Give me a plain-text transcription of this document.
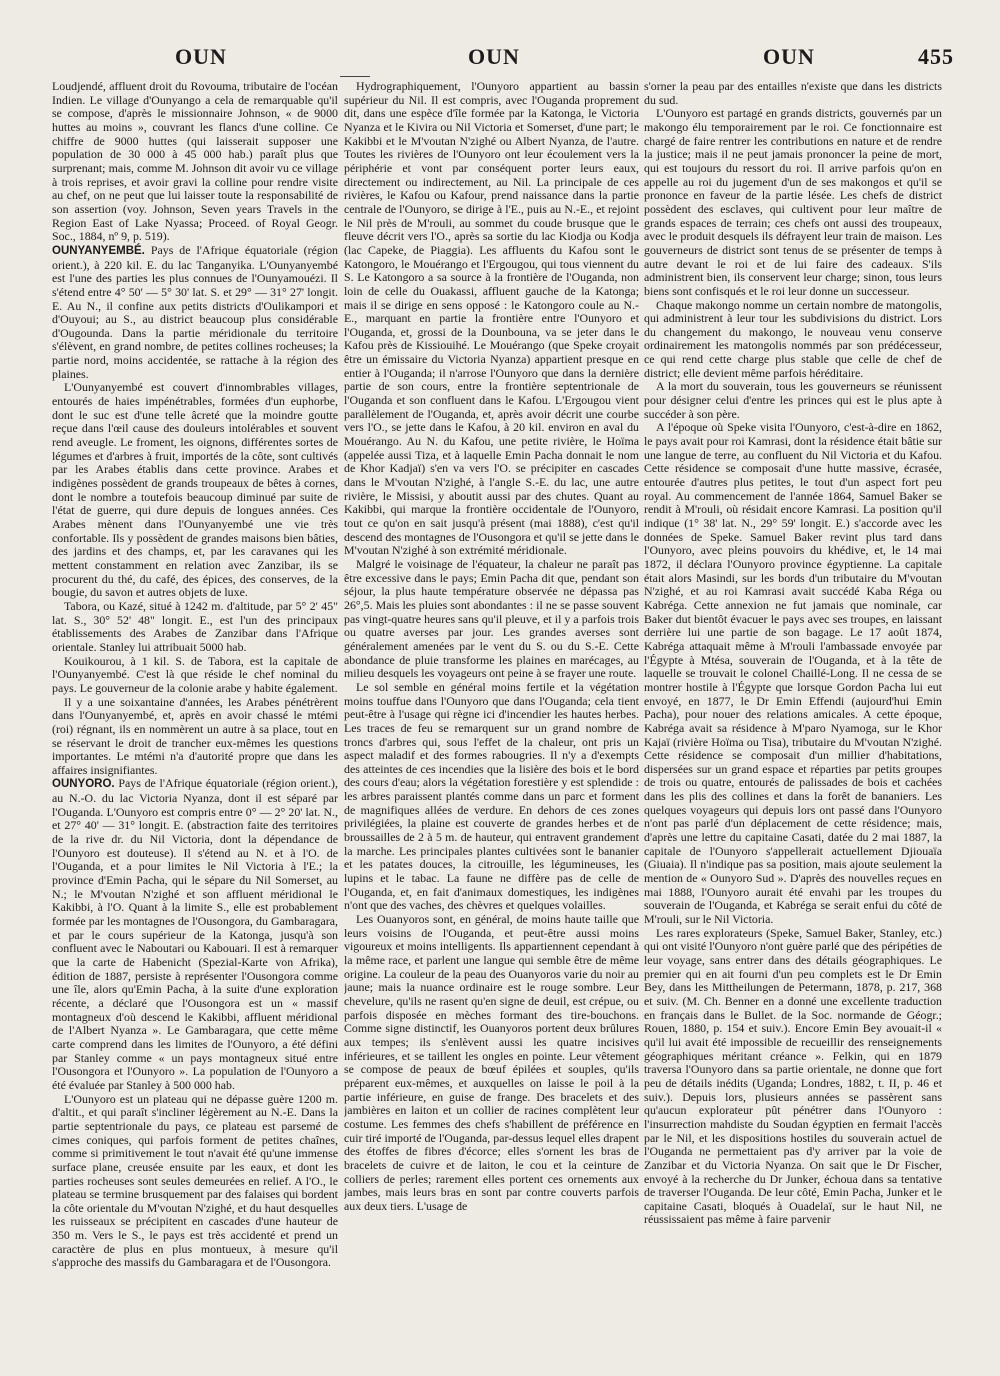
OUN	OUN	OUN	455

Loudjendé, affluent droit du Rovouma, tributaire de l'océan Indien. Le village d'Ounyango a cela de remarquable qu'il se compose, d'après le missionnaire Johnson, « de 9000 huttes au moins », couvrant les flancs d'une colline. Ce chiffre de 9000 huttes (qui laisserait supposer une population de 30 000 à 45 000 hab.) paraît plus que surprenant; mais, comme M. Johnson dit avoir vu ce village à trois reprises, et avoir gravi la colline pour rendre visite au chef, on ne peut que lui laisser toute la responsabilité de son assertion (voy. Johnson, Seven years Travels in the Region East of Lake Nyassa; Proceed. of Royal Geogr. Soc., 1884, nº 9, p. 519).

OUNYANYEMBÉ. Pays de l'Afrique équatoriale (région orient.), à 220 kil. E. du lac Tanganyika. L'Ounyanyembé est l'une des parties les plus connues de l'Ounyamouézi. Il s'étend entre 4° 50' — 5° 30' lat. S. et 29° — 31° 27' longit. E. Au N., il confine aux petits districts d'Oulikampori et d'Ouyoui; au S., au district beaucoup plus considérable d'Ougounda. Dans la partie méridionale du territoire s'élèvent, en grand nombre, de petites collines rocheuses; la partie nord, moins accidentée, se rattache à la région des plaines.

L'Ounyanyembé est couvert d'innombrables villages, entourés de haies impénétrables, formées d'un euphorbe, dont le suc est d'une telle âcreté que la moindre goutte reçue dans l'œil cause des douleurs intolérables et souvent rend aveugle. Le froment, les oignons, différentes sortes de légumes et d'arbres à fruit, importés de la côte, sont cultivés par les Arabes établis dans cette province. Arabes et indigènes possèdent de grands troupeaux de bêtes à cornes, dont le nombre a toutefois beaucoup diminué par suite de l'état de guerre, qui dure depuis de longues années. Ces Arabes mènent dans l'Ounyanyembé une vie très confortable. Ils y possèdent de grandes maisons bien bâties, des jardins et des champs, et, par les caravanes qui les mettent constamment en relation avec Zanzibar, ils se procurent du thé, du café, des épices, des conserves, de la bougie, du savon et autres objets de luxe.

Tabora, ou Kazé, situé à 1242 m. d'altitude, par 5° 2' 45" lat. S., 30° 52' 48" longit. E., est l'un des principaux établissements des Arabes de Zanzibar dans l'Afrique orientale. Stanley lui attribuait 5000 hab.

Kouikourou, à 1 kil. S. de Tabora, est la capitale de l'Ounyanyembé. C'est là que réside le chef nominal du pays. Le gouverneur de la colonie arabe y habite également.

Il y a une soixantaine d'années, les Arabes pénétrèrent dans l'Ounyanyembé, et, après en avoir chassé le mtémi (roi) régnant, ils en nommèrent un autre à sa place, tout en se réservant le droit de trancher eux-mêmes les questions importantes. Le mtémi n'a d'autorité propre que dans les affaires insignifiantes.

OUNYORO. Pays de l'Afrique équatoriale (région orient.), au N.-O. du lac Victoria Nyanza, dont il est séparé par l'Ouganda. L'Ounyoro est compris entre 0° — 2° 20' lat. N., et 27° 40' — 31° longit. E. (abstraction faite des territoires de la rive dr. du Nil Victoria, dont la dépendance de l'Ounyoro est douteuse). Il s'étend au N. et à l'O. de l'Ouganda, et a pour limites le Nil Victoria à l'E.; la province d'Emin Pacha, qui le sépare du Nil Somerset, au N.; le M'voutan N'zighé et son affluent méridional le Kakibbi, à l'O. Quant à la limite S., elle est probablement formée par les montagnes de l'Ousongora, du Gambaragara, et par le cours supérieur de la Katonga, jusqu'à son confluent avec le Naboutari ou Kabouari. Il est à remarquer que la carte de Habenicht (Spezial-Karte von Afrika), édition de 1887, persiste à représenter l'Ousongora comme une île, alors qu'Emin Pacha, à la suite d'une exploration récente, a déclaré que l'Ousongora est un « massif montagneux d'où descend le Kakibbi, affluent méridional de l'Albert Nyanza ». Le Gambaragara, que cette même carte comprend dans les limites de l'Ounyoro, a été défini par Stanley comme « un pays montagneux situé entre l'Ousongora et l'Ounyoro ». La population de l'Ounyoro a été évaluée par Stanley à 500 000 hab.

L'Ounyoro est un plateau qui ne dépasse guère 1200 m. d'altit., et qui paraît s'incliner légèrement au N.-E. Dans la partie septentrionale du pays, ce plateau est parsemé de cimes coniques, qui parfois forment de petites chaînes, comme si primitivement le tout n'avait été qu'une immense surface plane, creusée ensuite par les eaux, et dont les parties rocheuses sont seules demeurées en relief. A l'O., le plateau se termine brusquement par des falaises qui bordent la côte orientale du M'voutan N'zighé, et du haut desquelles les ruisseaux se précipitent en cascades d'une hauteur de 350 m. Vers le S., le pays est très accidenté et prend un caractère de plus en plus montueux, à mesure qu'il s'approche des massifs du Gambaragara et de l'Ousongora.

Hydrographiquement, l'Ounyoro appartient au bassin supérieur du Nil. Il est compris, avec l'Ouganda proprement dit, dans une espèce d'île formée par la Katonga, le Victoria Nyanza et le Kivira ou Nil Victoria et Somerset, d'une part; le Kakibbi et le M'voutan N'zighé ou Albert Nyanza, de l'autre. Toutes les rivières de l'Ounyoro ont leur écoulement vers la périphérie et vont par conséquent porter leurs eaux, directement ou indirectement, au Nil. La principale de ces rivières, le Kafou ou Kafour, prend naissance dans la partie centrale de l'Ounyoro, se dirige à l'E., puis au N.-E., et rejoint le Nil près de M'rouli, au sommet du coude brusque que le fleuve décrit vers l'O., après sa sortie du lac Kiodja ou Kodja (lac Capeke, de Piaggia). Les affluents du Kafou sont le Katongoro, le Mouérango et l'Ergougou, qui tous viennent du S. Le Katongoro a sa source à la frontière de l'Ouganda, non loin de celle du Ouakassi, affluent gauche de la Katonga; mais il se dirige en sens opposé : le Katongoro coule au N.-E., marquant en partie la frontière entre l'Ounyoro et l'Ouganda, et, grossi de la Dounbouna, va se jeter dans le Kafou près de Kissiouihé. Le Mouérango (que Speke croyait être un émissaire du Victoria Nyanza) appartient presque en entier à l'Ouganda; il n'arrose l'Ounyoro que dans la dernière partie de son cours, entre la frontière septentrionale de l'Ouganda et son confluent dans le Kafou. L'Ergougou vient parallèlement de l'Ouganda, et, après avoir décrit une courbe vers l'O., se jette dans le Kafou, à 20 kil. environ en aval du Mouérango. Au N. du Kafou, une petite rivière, le Hoïma (appelée aussi Tiza, et à laquelle Emin Pacha donnait le nom de Khor Kadjaï) s'en va vers l'O. se précipiter en cascades dans le M'voutan N'zighé, à l'angle S.-E. du lac, une autre rivière, le Missisi, y aboutit aussi par des chutes. Quant au Kakibbi, qui marque la frontière occidentale de l'Ounyoro, tout ce qu'on en sait jusqu'à présent (mai 1888), c'est qu'il descend des montagnes de l'Ousongora et qu'il se jette dans le M'voutan N'zighé à son extrémité méridionale.

Malgré le voisinage de l'équateur, la chaleur ne paraît pas être excessive dans le pays; Emin Pacha dit que, pendant son séjour, la plus haute température observée ne dépassa pas 26°,5. Mais les pluies sont abondantes : il ne se passe souvent pas vingt-quatre heures sans qu'il pleuve, et il y a parfois trois ou quatre averses par jour. Les grandes averses sont généralement amenées par le vent du S. ou du S.-E. Cette abondance de pluie transforme les plaines en marécages, au milieu desquels les voyageurs ont peine à se frayer une route.

Le sol semble en général moins fertile et la végétation moins touffue dans l'Ounyoro que dans l'Ouganda; cela tient peut-être à l'usage qui règne ici d'incendier les hautes herbes. Les traces de feu se remarquent sur un grand nombre de troncs d'arbres qui, sous l'effet de la chaleur, ont pris un aspect maladif et des formes rabougries. Il n'y a d'exempts des atteintes de ces incendies que la lisière des bois et le bord des cours d'eau; alors la végétation forestière y est splendide : les arbres paraissent plantés comme dans un parc et forment de magnifiques allées de verdure. En dehors de ces zones privilégiées, la plaine est couverte de grandes herbes et de broussailles de 2 à 5 m. de hauteur, qui entravent grandement la marche. Les principales plantes cultivées sont le bananier et les patates douces, la citrouille, les légumineuses, les lupins et le tabac. La faune ne diffère pas de celle de l'Ouganda, et, en fait d'animaux domestiques, les indigènes n'ont que des vaches, des chèvres et quelques volailles.

Les Ouanyoros sont, en général, de moins haute taille que leurs voisins de l'Ouganda, et peut-être aussi moins vigoureux et moins intelligents. Ils appartiennent cependant à la même race, et parlent une langue qui semble être de même origine. La couleur de la peau des Ouanyoros varie du noir au jaune; mais la nuance ordinaire est le rouge sombre. Leur chevelure, qu'ils ne rasent qu'en signe de deuil, est crépue, ou parfois disposée en mèches formant des tire-bouchons. Comme signe distinctif, les Ouanyoros portent deux brûlures aux tempes; ils s'enlèvent aussi les quatre incisives inférieures, et se taillent les ongles en pointe. Leur vêtement se compose de peaux de bœuf épilées et souples, qu'ils préparent eux-mêmes, et auxquelles on laisse le poil à la partie inférieure, en guise de frange. Des bracelets et des jambières en laiton et un collier de racines complètent leur costume. Les femmes des chefs s'habillent de préférence en cuir tiré importé de l'Ouganda, par-dessus lequel elles drapent des étoffes de fibres d'écorce; elles s'ornent les bras de bracelets de cuivre et de laiton, le cou et la ceinture de colliers de perles; rarement elles portent ces ornements aux jambes, mais leurs bras en sont par contre couverts parfois aux deux tiers. L'usage de

s'orner la peau par des entailles n'existe que dans les districts du sud.

L'Ounyoro est partagé en grands districts, gouvernés par un makongo élu temporairement par le roi. Ce fonctionnaire est chargé de faire rentrer les contributions en nature et de rendre la justice; mais il ne peut jamais prononcer la peine de mort, qui est toujours du ressort du roi. Il arrive parfois qu'on en appelle au roi du jugement d'un de ses makongos et qu'il se prononce en faveur de la partie lésée. Les chefs de district possèdent des esclaves, qui cultivent pour leur maître de grands espaces de terrain; ces chefs ont aussi des troupeaux, avec le produit desquels ils défrayent leur train de maison. Les gouverneurs de district sont tenus de se présenter de temps à autre devant le roi et de lui faire des cadeaux. S'ils administrent bien, ils conservent leur charge; sinon, tous leurs biens sont confisqués et le roi leur donne un successeur.

Chaque makongo nomme un certain nombre de matongolis, qui administrent à leur tour les subdivisions du district. Lors du changement du makongo, le nouveau venu conserve ordinairement les matongolis nommés par son prédécesseur, ce qui rend cette charge plus stable que celle de chef de district; elle devient même parfois héréditaire.

A la mort du souverain, tous les gouverneurs se réunissent pour désigner celui d'entre les princes qui est le plus apte à succéder à son père.

A l'époque où Speke visita l'Ounyoro, c'est-à-dire en 1862, le pays avait pour roi Kamrasi, dont la résidence était bâtie sur une langue de terre, au confluent du Nil Victoria et du Kafou. Cette résidence se composait d'une hutte massive, écrasée, entourée d'autres plus petites, le tout d'un aspect fort peu royal. Au commencement de l'année 1864, Samuel Baker se rendit à M'rouli, où résidait encore Kamrasi. La position qu'il indique (1° 38' lat. N., 29° 59' longit. E.) s'accorde avec les données de Speke. Samuel Baker revint plus tard dans l'Ounyoro, avec pleins pouvoirs du khédive, et, le 14 mai 1872, il déclara l'Ounyoro province égyptienne. La capitale était alors Masindi, sur les bords d'un tributaire du M'voutan N'zighé, et au roi Kamrasi avait succédé Kaba Réga ou Kabréga. Cette annexion ne fut jamais que nominale, car Baker dut bientôt évacuer le pays avec ses troupes, en laissant derrière lui une partie de son bagage. Le 17 août 1874, Kabréga attaquait même à M'rouli l'ambassade envoyée par l'Égypte à Mtésa, souverain de l'Ouganda, et à la tête de laquelle se trouvait le colonel Chaillé-Long. Il ne cessa de se montrer hostile à l'Égypte que lorsque Gordon Pacha lui eut envoyé, en 1877, le Dr Emin Effendi (aujourd'hui Emin Pacha), pour nouer des relations amicales. A cette époque, Kabréga avait sa résidence à M'paro Nyamoga, sur le Khor Kajaï (rivière Hoïma ou Tisa), tributaire du M'voutan N'zighé. Cette résidence se composait d'un millier d'habitations, dispersées sur un grand espace et réparties par petits groupes de trois ou quatre, entourés de palissades de bois et cachées dans les plis des collines et dans la forêt de bananiers. Les quelques voyageurs qui depuis lors ont passé dans l'Ounyoro n'ont pas parlé d'un déplacement de cette résidence; mais, d'après une lettre du capitaine Casati, datée du 2 mai 1887, la capitale de l'Ounyoro s'appellerait actuellement Djiouaïa (Giuaia). Il n'indique pas sa position, mais ajoute seulement la mention de « Ounyoro Sud ». D'après des nouvelles reçues en mai 1888, l'Ounyoro aurait été envahi par les troupes du souverain de l'Ouganda, et Kabréga se serait enfui du côté de M'rouli, sur le Nil Victoria.

Les rares explorateurs (Speke, Samuel Baker, Stanley, etc.) qui ont visité l'Ounyoro n'ont guère parlé que des péripéties de leur voyage, sans entrer dans des détails géographiques. Le premier qui en ait fourni d'un peu complets est le Dr Emin Bey, dans les Mittheilungen de Petermann, 1878, p. 217, 368 et suiv. (M. Ch. Benner en a donné une excellente traduction en français dans le Bullet. de la Soc. normande de Géogr.; Rouen, 1880, p. 154 et suiv.). Encore Emin Bey avouait-il « qu'il lui avait été impossible de recueillir des renseignements géographiques méritant créance ». Felkin, qui en 1879 traversa l'Ounyoro dans sa partie orientale, ne donne que fort peu de détails inédits (Uganda; Londres, 1882, t. II, p. 46 et suiv.). Depuis lors, plusieurs années se passèrent sans qu'aucun explorateur pût pénétrer dans l'Ounyoro : l'insurrection mahdiste du Soudan égyptien en fermait l'accès par le Nil, et les dispositions hostiles du souverain actuel de l'Ouganda ne permettaient pas d'y arriver par la voie de Zanzibar et du Victoria Nyanza. On sait que le Dr Fischer, envoyé à la recherche du Dr Junker, échoua dans sa tentative de traverser l'Ouganda. De leur côté, Emin Pacha, Junker et le capitaine Casati, bloqués à Ouadelaï, sur le haut Nil, ne réussissaient pas même à faire parvenir
